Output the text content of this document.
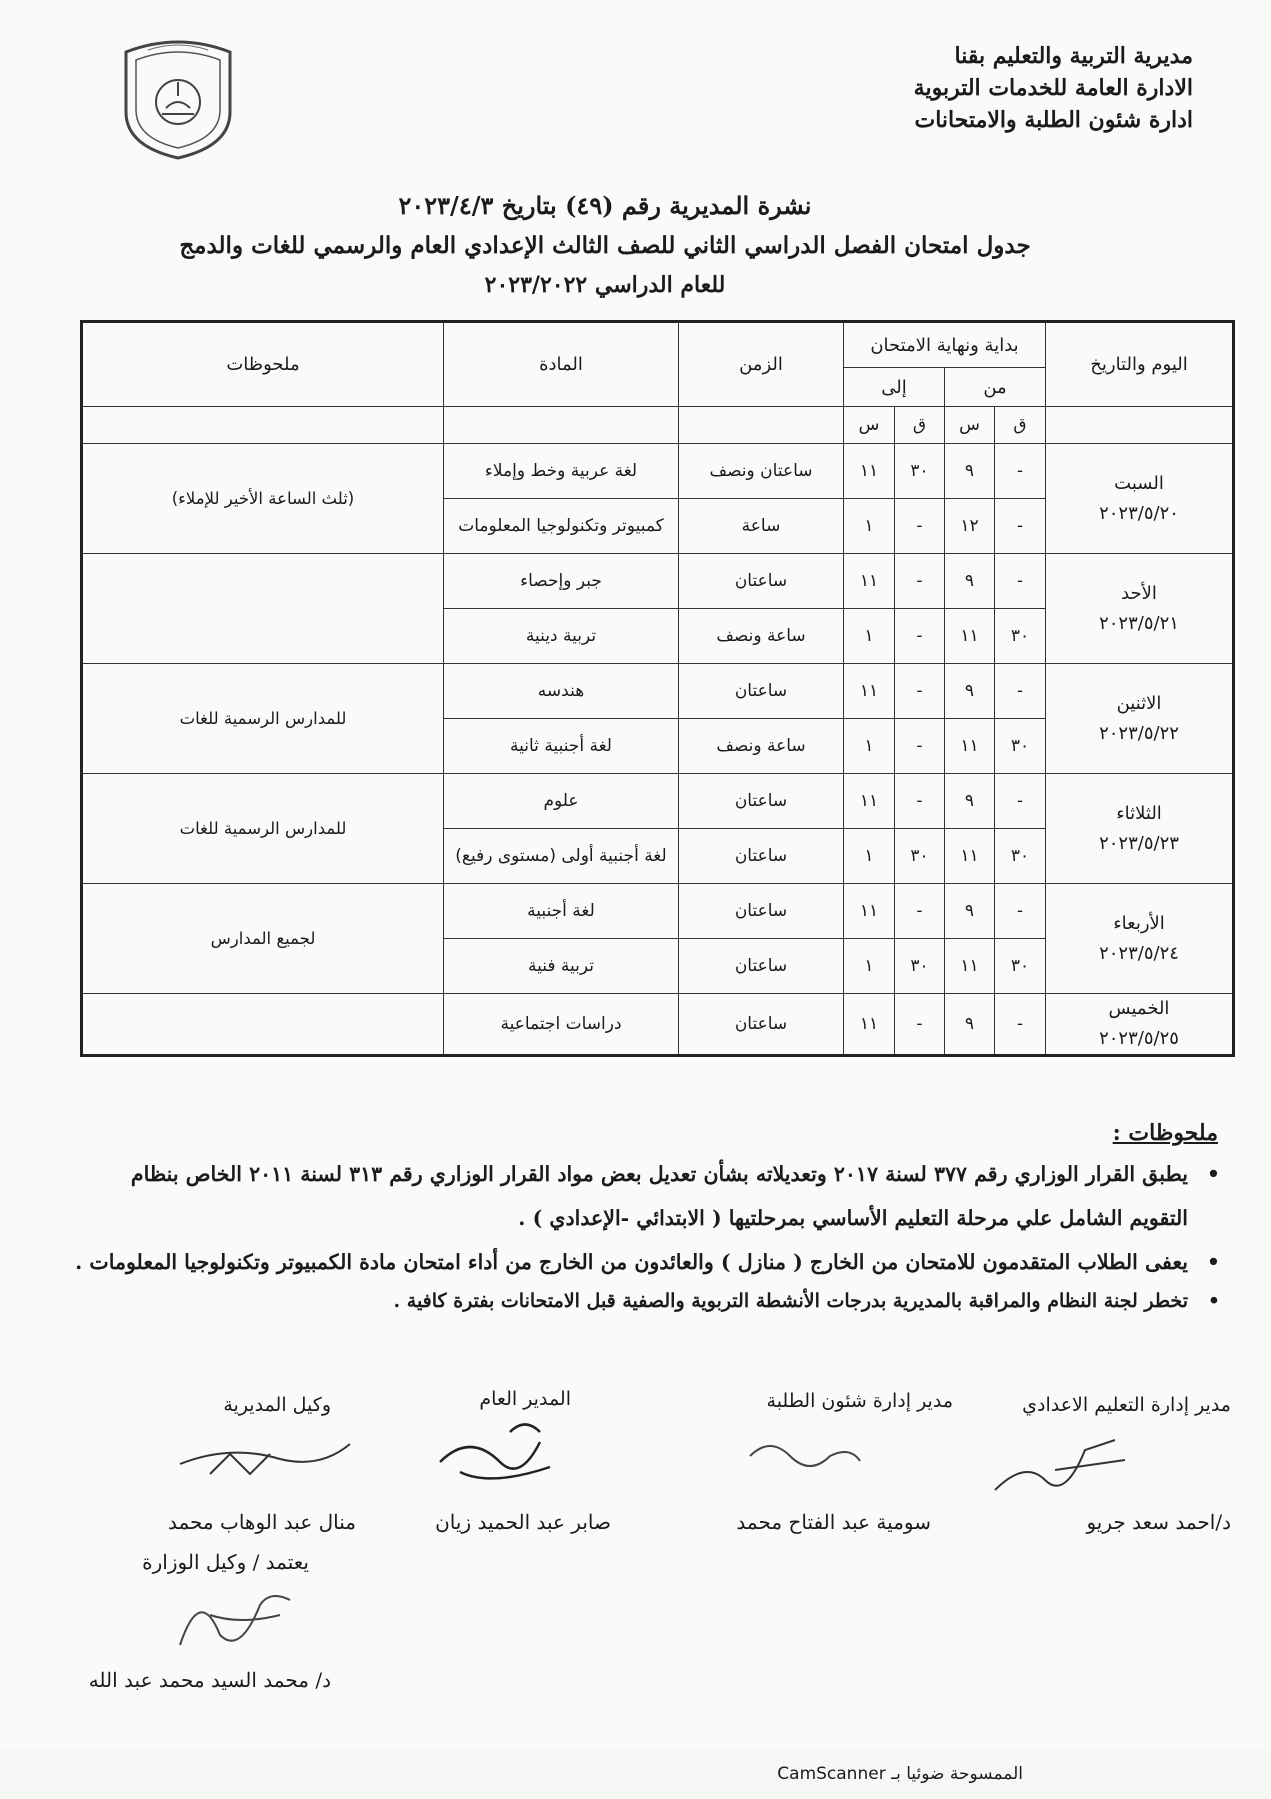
مديرية التربية والتعليم بقنا
الادارة العامة للخدمات التربوية
ادارة شئون الطلبة والامتحانات
نشرة المديرية رقم (٤٩) بتاريخ ٢٠٢٣/٤/٣
جدول امتحان الفصل الدراسي الثاني للصف الثالث الإعدادي العام والرسمي للغات والدمج
للعام الدراسي ٢٠٢٣/٢٠٢٢
اليوم والتاريخ	بداية ونهاية الامتحان				الزمن	المادة	ملحوظات
	من		إلى				
	ق	س	ق	س			

السبت
٢٠٢٣/٥/٢٠	-	٩	٣٠	١١	ساعتان ونصف	لغة عربية وخط وإملاء	(ثلث الساعة الأخير للإملاء)
	-	١٢	-	١	ساعة	كمبيوتر وتكنولوجيا المعلومات	

الأحد
٢٠٢٣/٥/٢١	-	٩	-	١١	ساعتان	جبر وإحصاء	
	٣٠	١١	-	١	ساعة ونصف	تربية دينية	

الاثنين
٢٠٢٣/٥/٢٢	-	٩	-	١١	ساعتان	هندسه	للمدارس الرسمية للغات
	٣٠	١١	-	١	ساعة ونصف	لغة أجنبية ثانية	

الثلاثاء
٢٠٢٣/٥/٢٣	-	٩	-	١١	ساعتان	علوم	للمدارس الرسمية للغات
	٣٠	١١	٣٠	١	ساعتان	لغة أجنبية أولى (مستوى رفيع)	

الأربعاء
٢٠٢٣/٥/٢٤	-	٩	-	١١	ساعتان	لغة أجنبية	لجميع المدارس
	٣٠	١١	٣٠	١	ساعتان	تربية فنية	

الخميس
٢٠٢٣/٥/٢٥	-	٩	-	١١	ساعتان	دراسات اجتماعية	
ملحوظات :
•
يطبق القرار الوزاري رقم ٣٧٧ لسنة ٢٠١٧ وتعديلاته بشأن تعديل بعض مواد القرار الوزاري رقم ٣١٣ لسنة ٢٠١١ الخاص بنظام التقويم الشامل علي مرحلة التعليم الأساسي بمرحلتيها ( الابتدائي -الإعدادي ) .
•
يعفى الطلاب المتقدمون للامتحان من الخارج ( منازل ) والعائدون من الخارج من أداء امتحان مادة الكمبيوتر وتكنولوجيا المعلومات .
•
تخطر لجنة النظام والمراقبة بالمديرية بدرجات الأنشطة التربوية والصفية قبل الامتحانات بفترة كافية .
مدير إدارة التعليم الاعدادي
مدير إدارة شئون الطلبة
المدير العام
وكيل المديرية
د/احمد سعد جريو
سومية عبد الفتاح محمد
صابر عبد الحميد زيان
منال عبد الوهاب محمد
يعتمد / وكيل الوزارة
د/ محمد السيد محمد عبد الله
الممسوحة ضوئيا بـ CamScanner
